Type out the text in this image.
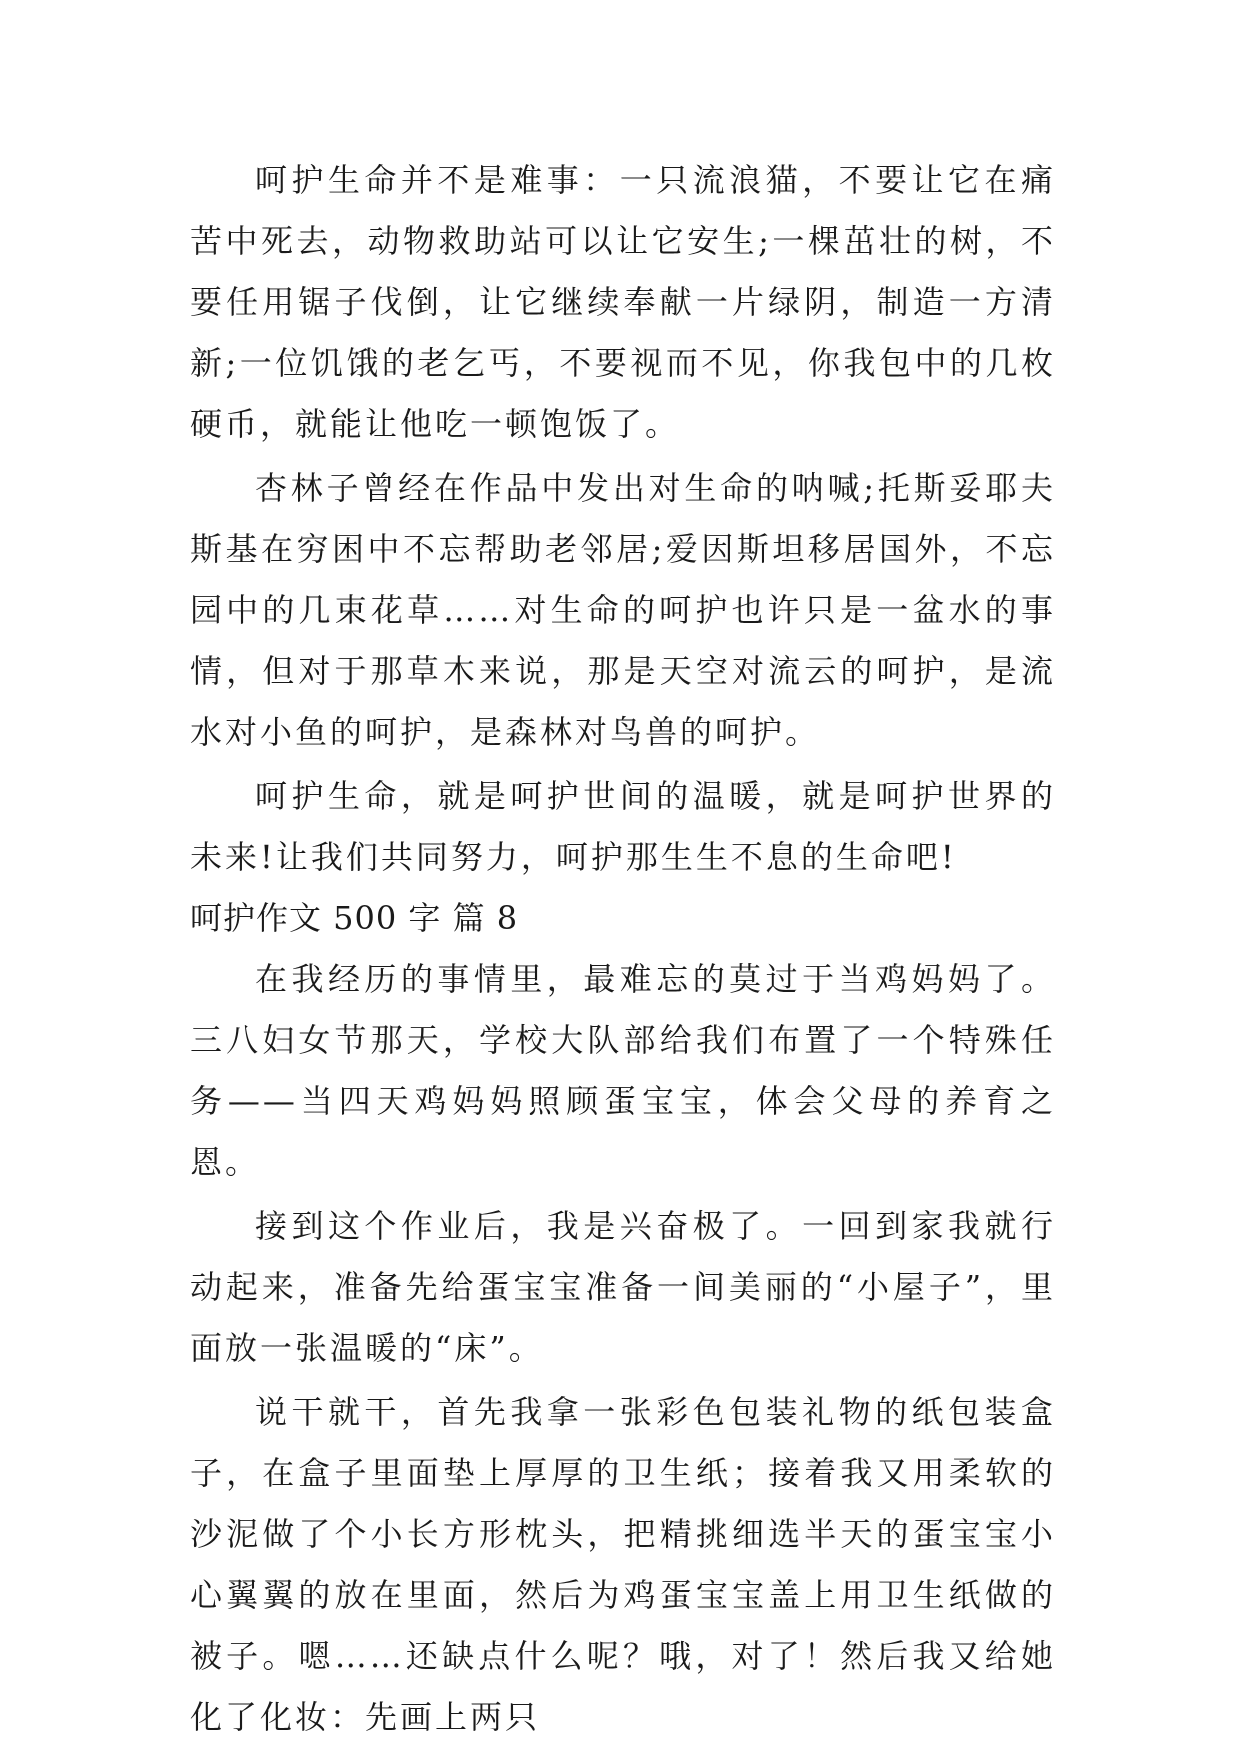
呵护生命并不是难事：一只流浪猫，不要让它在痛苦中死去，动物救助站可以让它安生;一棵茁壮的树，不要任用锯子伐倒，让它继续奉献一片绿阴，制造一方清新;一位饥饿的老乞丐，不要视而不见，你我包中的几枚硬币，就能让他吃一顿饱饭了。

杏林子曾经在作品中发出对生命的呐喊;托斯妥耶夫斯基在穷困中不忘帮助老邻居;爱因斯坦移居国外，不忘园中的几束花草……对生命的呵护也许只是一盆水的事情，但对于那草木来说，那是天空对流云的呵护，是流水对小鱼的呵护，是森林对鸟兽的呵护。

呵护生命，就是呵护世间的温暖，就是呵护世界的未来!让我们共同努力，呵护那生生不息的生命吧!

呵护作文 500 字 篇 8

在我经历的事情里，最难忘的莫过于当鸡妈妈了。三八妇女节那天，学校大队部给我们布置了一个特殊任务——当四天鸡妈妈照顾蛋宝宝，体会父母的养育之恩。

接到这个作业后，我是兴奋极了。一回到家我就行动起来，准备先给蛋宝宝准备一间美丽的“小屋子”，里面放一张温暖的“床”。

说干就干，首先我拿一张彩色包装礼物的纸包装盒子，在盒子里面垫上厚厚的卫生纸；接着我又用柔软的沙泥做了个小长方形枕头，把精挑细选半天的蛋宝宝小心翼翼的放在里面，然后为鸡蛋宝宝盖上用卫生纸做的被子。嗯……还缺点什么呢？哦，对了！然后我又给她化了化妆：先画上两只
